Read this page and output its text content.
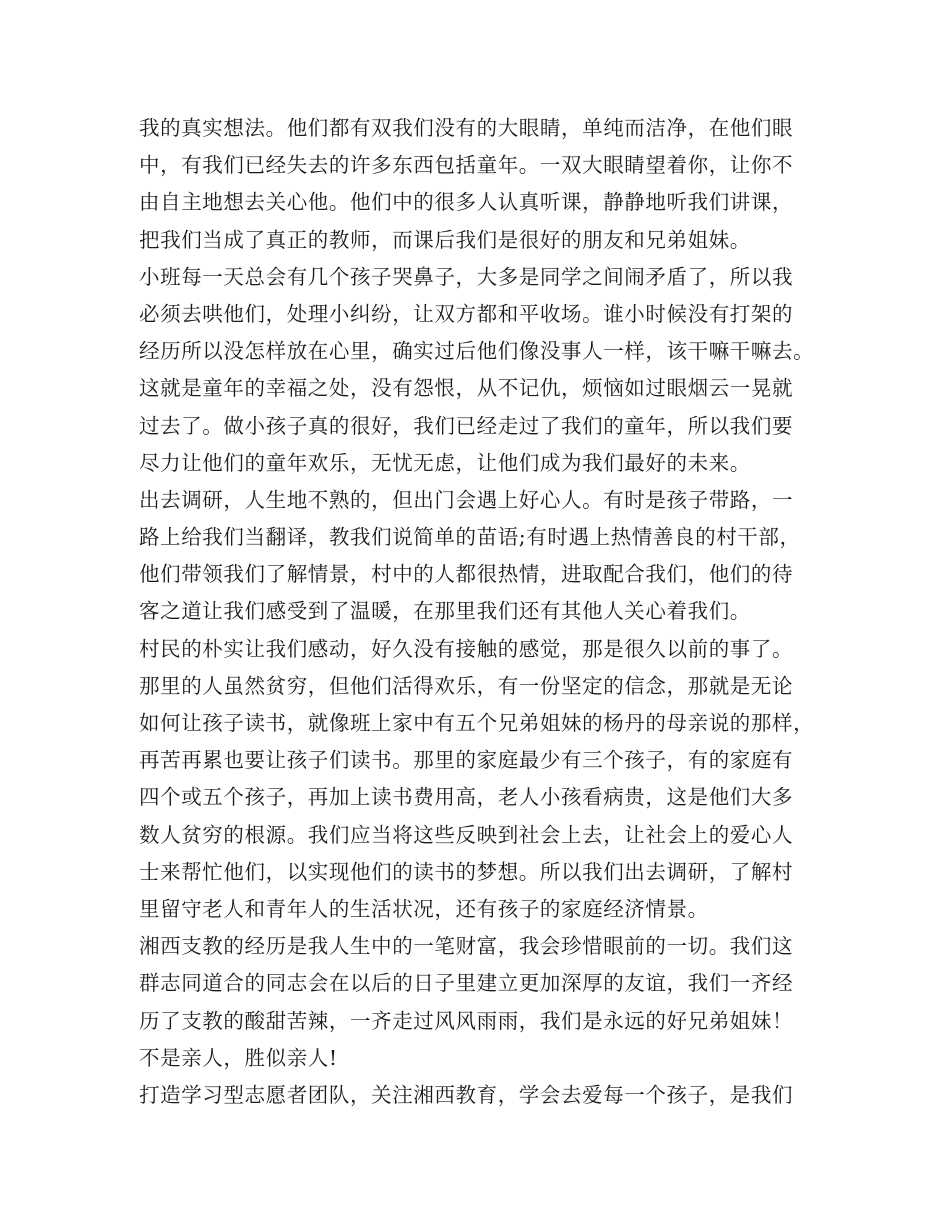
我的真实想法。他们都有双我们没有的大眼睛，单纯而洁净，在他们眼
中，有我们已经失去的许多东西包括童年。一双大眼睛望着你，让你不
由自主地想去关心他。他们中的很多人认真听课，静静地听我们讲课，
把我们当成了真正的教师，而课后我们是很好的朋友和兄弟姐妹。
小班每一天总会有几个孩子哭鼻子，大多是同学之间闹矛盾了，所以我
必须去哄他们，处理小纠纷，让双方都和平收场。谁小时候没有打架的
经历所以没怎样放在心里，确实过后他们像没事人一样，该干嘛干嘛去。
这就是童年的幸福之处，没有怨恨，从不记仇，烦恼如过眼烟云一晃就
过去了。做小孩子真的很好，我们已经走过了我们的童年，所以我们要
尽力让他们的童年欢乐，无忧无虑，让他们成为我们最好的未来。
出去调研，人生地不熟的，但出门会遇上好心人。有时是孩子带路，一
路上给我们当翻译，教我们说简单的苗语;有时遇上热情善良的村干部，
他们带领我们了解情景，村中的人都很热情，进取配合我们，他们的待
客之道让我们感受到了温暖，在那里我们还有其他人关心着我们。
村民的朴实让我们感动，好久没有接触的感觉，那是很久以前的事了。
那里的人虽然贫穷，但他们活得欢乐，有一份坚定的信念，那就是无论
如何让孩子读书，就像班上家中有五个兄弟姐妹的杨丹的母亲说的那样，
再苦再累也要让孩子们读书。那里的家庭最少有三个孩子，有的家庭有
四个或五个孩子，再加上读书费用高，老人小孩看病贵，这是他们大多
数人贫穷的根源。我们应当将这些反映到社会上去，让社会上的爱心人
士来帮忙他们，以实现他们的读书的梦想。所以我们出去调研，了解村
里留守老人和青年人的生活状况，还有孩子的家庭经济情景。
湘西支教的经历是我人生中的一笔财富，我会珍惜眼前的一切。我们这
群志同道合的同志会在以后的日子里建立更加深厚的友谊，我们一齐经
历了支教的酸甜苦辣，一齐走过风风雨雨，我们是永远的好兄弟姐妹！
不是亲人，胜似亲人!
打造学习型志愿者团队，关注湘西教育，学会去爱每一个孩子，是我们
